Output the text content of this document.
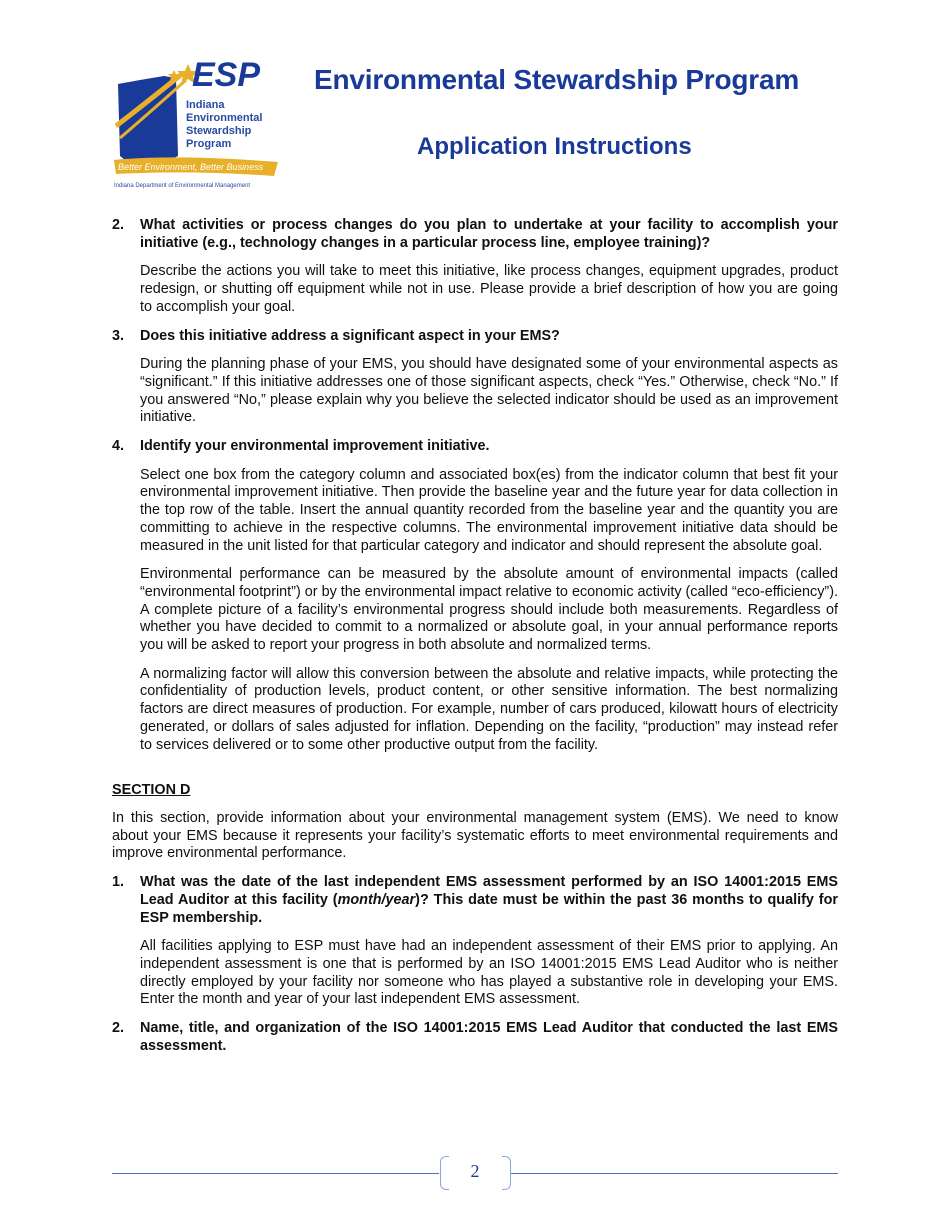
ESP
Indiana
Environmental
Stewardship
Program
Better Environment, Better Business
Indiana Department of Environmental Management
Environmental Stewardship Program
Application Instructions
2.	What activities or process changes do you plan to undertake at your facility to accomplish your initiative (e.g., technology changes in a particular process line, employee training)?
Describe the actions you will take to meet this initiative, like process changes, equipment upgrades, product redesign, or shutting off equipment while not in use. Please provide a brief description of how you are going to accomplish your goal.
3.	Does this initiative address a significant aspect in your EMS?
During the planning phase of your EMS, you should have designated some of your environmental aspects as “significant.” If this initiative addresses one of those significant aspects, check “Yes.” Otherwise, check “No.” If you answered “No,” please explain why you believe the selected indicator should be used as an improvement initiative.
4.	Identify your environmental improvement initiative.
Select one box from the category column and associated box(es) from the indicator column that best fit your environmental improvement initiative. Then provide the baseline year and the future year for data collection in the top row of the table. Insert the annual quantity recorded from the baseline year and the quantity you are committing to achieve in the respective columns. The environmental improvement initiative data should be measured in the unit listed for that particular category and indicator and should represent the absolute goal.
Environmental performance can be measured by the absolute amount of environmental impacts (called “environmental footprint”) or by the environmental impact relative to economic activity (called “eco-efficiency”). A complete picture of a facility’s environmental progress should include both measurements. Regardless of whether you have decided to commit to a normalized or absolute goal, in your annual performance reports you will be asked to report your progress in both absolute and normalized terms.
A normalizing factor will allow this conversion between the absolute and relative impacts, while protecting the confidentiality of production levels, product content, or other sensitive information. The best normalizing factors are direct measures of production. For example, number of cars produced, kilowatt hours of electricity generated, or dollars of sales adjusted for inflation. Depending on the facility, “production” may instead refer to services delivered or to some other productive output from the facility.
SECTION D
In this section, provide information about your environmental management system (EMS). We need to know about your EMS because it represents your facility’s systematic efforts to meet environmental requirements and improve environmental performance.
1.	What was the date of the last independent EMS assessment performed by an ISO 14001:2015 EMS Lead Auditor at this facility (month/year)? This date must be within the past 36 months to qualify for ESP membership.
All facilities applying to ESP must have had an independent assessment of their EMS prior to applying. An independent assessment is one that is performed by an ISO 14001:2015 EMS Lead Auditor who is neither directly employed by your facility nor someone who has played a substantive role in developing your EMS. Enter the month and year of your last independent EMS assessment.
2.	Name, title, and organization of the ISO 14001:2015 EMS Lead Auditor that conducted the last EMS assessment.
2
